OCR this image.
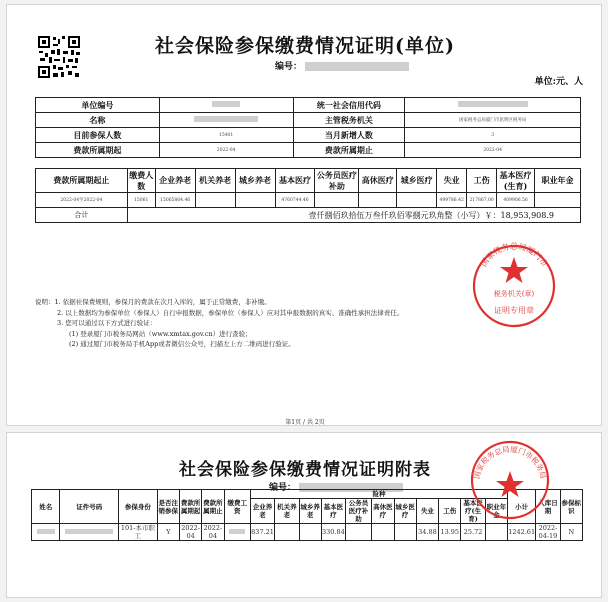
社会保险参保缴费情况证明(单位)
编号：
单位:元、人
单位编号		统一社会信用代码	
名称		主管税务机关	国家税务总局厦门市思明区税务局
目前参保人数	15401	当月新增人数	3
费款所属期起	2022-04	费款所属期止	2022-04
费款所属期起止	缴费人数	企业养老	机关养老	城乡养老	基本医疗	公务员医疗补助	高休医疗	城乡医疗	失业	工伤	基本医疗(生育)	职业年金
2022-04至2022-04	15061	15065864.46			4760744.46				499786.42	217867.00	409906.56	
合计	壹仟捌佰玖拾伍万叁仟玖佰零捌元玖角整（小写）￥：18,953,908.9											
国家税务总局厦门市
税务机关(章)
证明专用章
说明：1. 依据社保费规则，参保月的费款在次月入库的，属于正常缴费，非补缴。
2. 以上数据均为参保单位（参保人）自行申报数据，参保单位（参保人）应对其申报数据的真实、准确性承担法律责任。
3. 您可以通过以下方式进行验证：
(1) 登录厦门市税务局网站（www.xmtax.gov.cn）进行查验；
(2) 通过厦门市税务局手机App或者微信公众号，扫描左上方二维码进行验证。
第1页 / 共 2页
社会保险参保缴费情况证明附表
编号：
姓名	证件号码	参保身份	是否注销参保	费款所属期起	费款所属期止	缴费工资	险种											小计	入库日期	参保标识
							企业养老	机关养老	城乡养老	基本医疗	公务员医疗补助	高休医疗	城乡医疗	失业	工伤	基本医疗(生育)	职业年金			
		101-本市职工	Y	2022-04	2022-04		837.21			330.84				34.88	13.95	25.72		1242.61	2022-04-19	N
国家税务总局厦门市税务局
